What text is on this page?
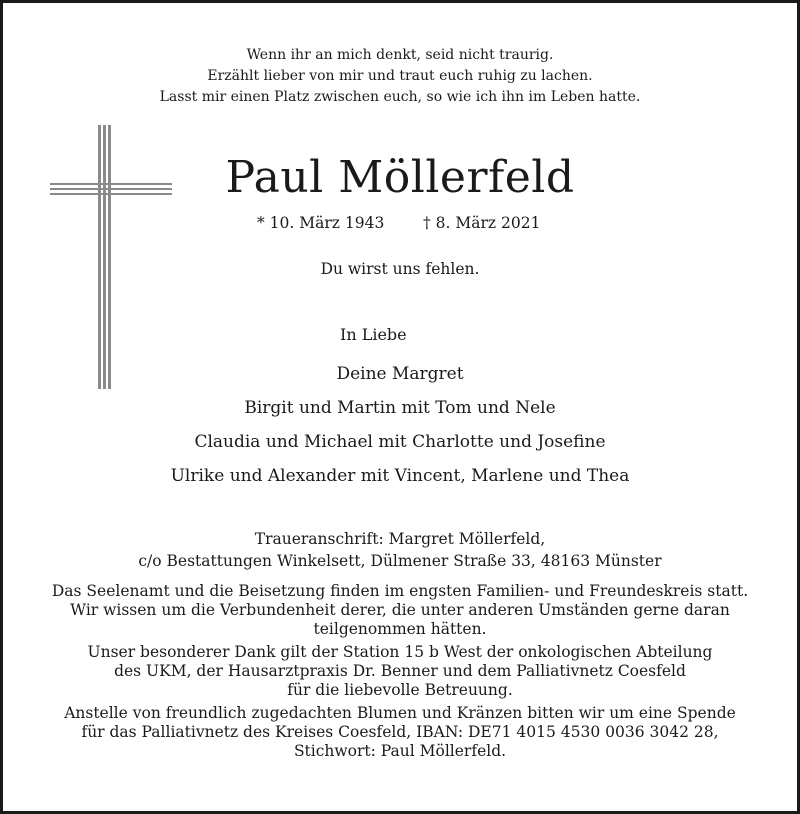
Wenn ihr an mich denkt, seid nicht traurig.
Erzählt lieber von mir und traut euch ruhig zu lachen.
Lasst mir einen Platz zwischen euch, so wie ich ihn im Leben hatte.
Paul Möllerfeld
* 10. März 1943 † 8. März 2021
Du wirst uns fehlen.
In Liebe
Deine Margret
Birgit und Martin mit Tom und Nele
Claudia und Michael mit Charlotte und Josefine
Ulrike und Alexander mit Vincent, Marlene und Thea
Traueranschrift: Margret Möllerfeld,
c/o Bestattungen Winkelsett, Dülmener Straße 33, 48163 Münster
Das Seelenamt und die Beisetzung finden im engsten Familien- und Freundeskreis statt.
Wir wissen um die Verbundenheit derer, die unter anderen Umständen gerne daran
teilgenommen hätten.
Unser besonderer Dank gilt der Station 15 b West der onkologischen Abteilung
des UKM, der Hausarztpraxis Dr. Benner und dem Palliativnetz Coesfeld
für die liebevolle Betreuung.
Anstelle von freundlich zugedachten Blumen und Kränzen bitten wir um eine Spende
für das Palliativnetz des Kreises Coesfeld, IBAN: DE71 4015 4530 0036 3042 28,
Stichwort: Paul Möllerfeld.
